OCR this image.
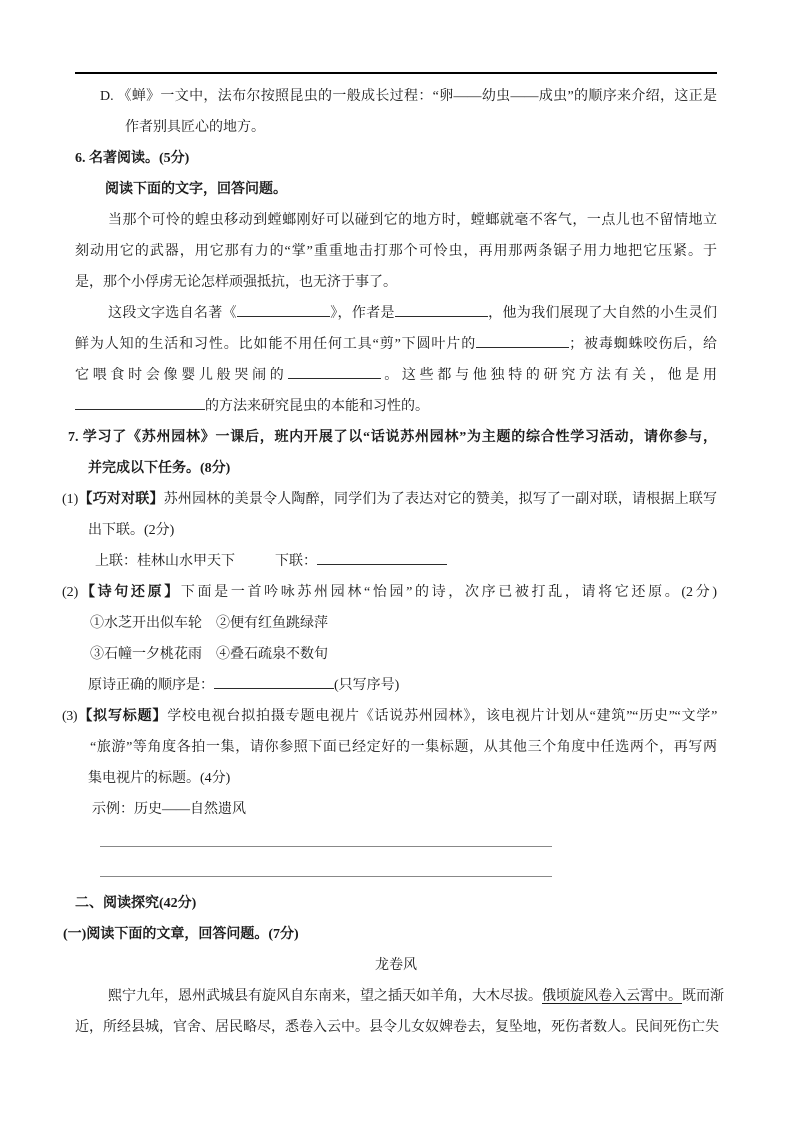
D. 《蝉》一文中，法布尔按照昆虫的一般成长过程：“卵——幼虫——成虫”的顺序来介绍，这正是
作者别具匠心的地方。
6. 名著阅读。(5分)
阅读下面的文字，回答问题。
当那个可怜的蝗虫移动到螳螂刚好可以碰到它的地方时，螳螂就毫不客气，一点儿也不留情地立
刻动用它的武器，用它那有力的“掌”重重地击打那个可怜虫，再用那两条锯子用力地把它压紧。于
是，那个小俘虏无论怎样顽强抵抗，也无济于事了。
这段文字选自名著《	》，作者是	，他为我们展现了大自然的小生灵们
鲜为人知的生活和习性。比如能不用任何工具“剪”下圆叶片的	；被毒蜘蛛咬伤后，给
它喂食时会像婴儿般哭闹的	。这些都与他独特的研究方法有关，他是用
的方法来研究昆虫的本能和习性的。
7. 学习了《苏州园林》一课后，班内开展了以“话说苏州园林”为主题的综合性学习活动，请你参与，
并完成以下任务。(8分)
(1)【巧对对联】苏州园林的美景令人陶醉，同学们为了表达对它的赞美，拟写了一副对联，请根据上联写
出下联。(2分)
上联：桂林山水甲天下	下联：
(2)【诗句还原】下面是一首吟咏苏州园林“怡园”的诗，次序已被打乱，请将它还原。(2分)
①水芝开出似车轮　②便有红鱼跳绿萍
③石幢一夕桃花雨　④叠石疏泉不数旬
原诗正确的顺序是：	(只写序号)
(3)【拟写标题】学校电视台拟拍摄专题电视片《话说苏州园林》，该电视片计划从“建筑”“历史”“文学”
“旅游”等角度各拍一集，请你参照下面已经定好的一集标题，从其他三个角度中任选两个，再写两
集电视片的标题。(4分)
示例：历史——自然遗风
二、阅读探究(42分)
(一)阅读下面的文章，回答问题。(7分)
龙卷风
熙宁九年，恩州武城县有旋风自东南来，望之插天如羊角，大木尽拔。俄顷旋风卷入云霄中。既而渐
近，所经县城，官舍、居民略尽，悉卷入云中。县令儿女奴婢卷去，复坠地，死伤者数人。民间死伤亡失
